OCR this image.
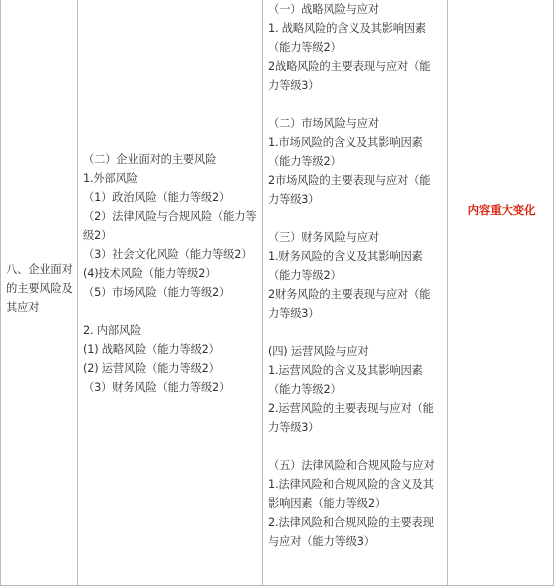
八、企业面对
的主要风险及
其应对
（二）企业面对的主要风险
1.外部风险
（1）政治风险（能力等级2）
（2）法律风险与合规风险（能力等
级2）
（3）社会文化风险（能力等级2）
(4)技术风险（能力等级2）
（5）市场风险（能力等级2）

2. 内部风险
(1) 战略风险（能力等级2）
(2) 运营风险（能力等级2）
（3）财务风险（能力等级2）
（一）战略风险与应对
1. 战略风险的含义及其影响因素
（能力等级2）
2战略风险的主要表现与应对（能
力等级3）

（二）市场风险与应对
1.市场风险的含义及其影响因素
（能力等级2）
2市场风险的主要表现与应对（能
力等级3）

（三）财务风险与应对
1.财务风险的含义及其影响因素
（能力等级2）
2财务风险的主要表现与应对（能
力等级3）

(四) 运营风险与应对
1.运营风险的含义及其影响因素
（能力等级2）
2.运营风险的主要表现与应对（能
力等级3）

（五）法律风险和合规风险与应对
1.法律风险和合规风险的含义及其
影响因素（能力等级2）
2.法律风险和合规风险的主要表现
与应对（能力等级3）
内容重大变化
